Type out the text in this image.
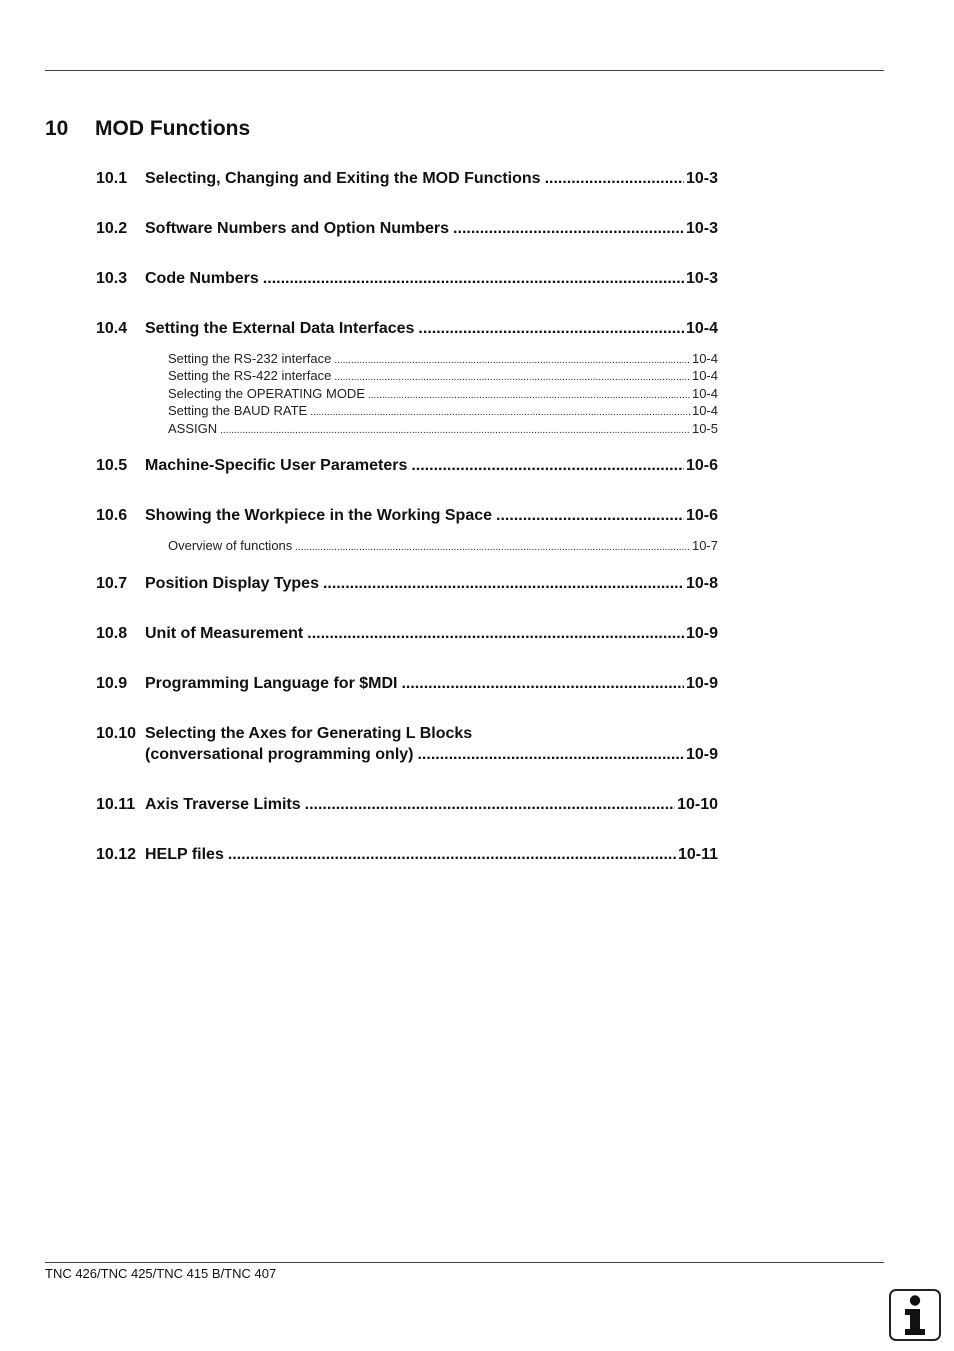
10 MOD Functions
10.1	Selecting, Changing and Exiting the MOD Functions .....	10-3
10.2	Software Numbers and Option Numbers .....	10-3
10.3	Code Numbers .....	10-3
10.4	Setting the External Data Interfaces .....	10-4
Setting the RS-232 interface .....	10-4
Setting the RS-422 interface .....	10-4
Selecting the OPERATING MODE .....	10-4
Setting the BAUD RATE .....	10-4
ASSIGN .....	10-5
10.5	Machine-Specific User Parameters .....	10-6
10.6	Showing the Workpiece in the Working Space .....	10-6
Overview of functions .....	10-7
10.7	Position Display Types .....	10-8
10.8	Unit of Measurement .....	10-9
10.9	Programming Language for $MDI .....	10-9
10.10 Selecting the Axes for Generating L Blocks
(conversational programming only) .....	10-9
10.11 Axis Traverse Limits .....	10-10
10.12 HELP files .....	10-11
TNC 426/TNC 425/TNC 415 B/TNC 407
